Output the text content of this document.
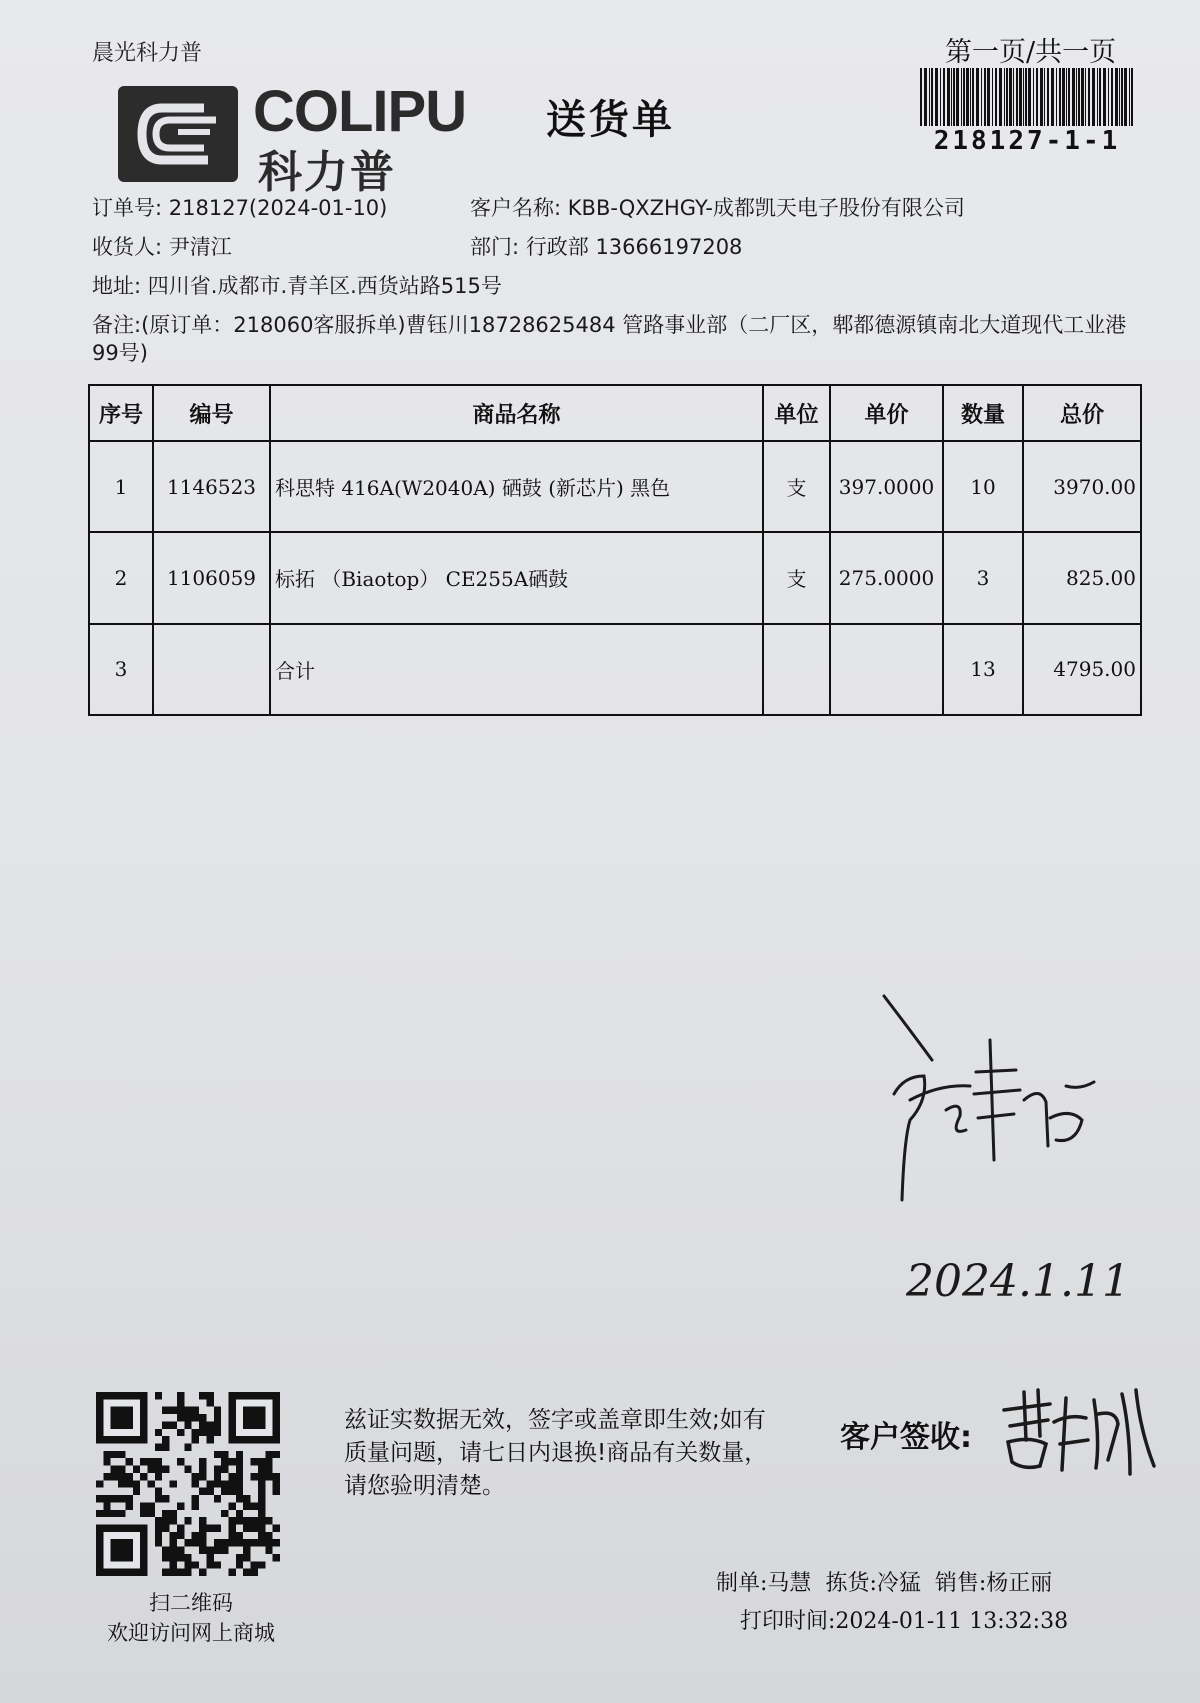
晨光科力普	第一页/共一页
218127-1-1
COLIPU
科力普
送货单
订单号: 218127(2024-01-10)	客户名称: KBB-QXZHGY-成都凯天电子股份有限公司
收货人: 尹清江	部门: 行政部 13666197208
地址: 四川省.成都市.青羊区.西货站路515号
备注:(原订单：218060客服拆单)曹钰川18728625484 管路事业部（二厂区，郫都德源镇南北大道现代工业港99号)
序号	编号	商品名称	单位	单价	数量	总价
1	1146523	科思特 416A(W2040A) 硒鼓 (新芯片) 黑色	支	397.0000	10	3970.00
2	1106059	标拓 （Biaotop） CE255A硒鼓	支	275.0000	3	825.00
3		合计			13	4795.00
2024.1.11
扫二维码
欢迎访问网上商城
兹证实数据无效，签字或盖章即生效;如有质量问题，请七日内退换!商品有关数量，请您验明清楚。
客户签收:
制单:马慧 拣货:冷猛 销售:杨正丽
打印时间:2024-01-11 13:32:38
